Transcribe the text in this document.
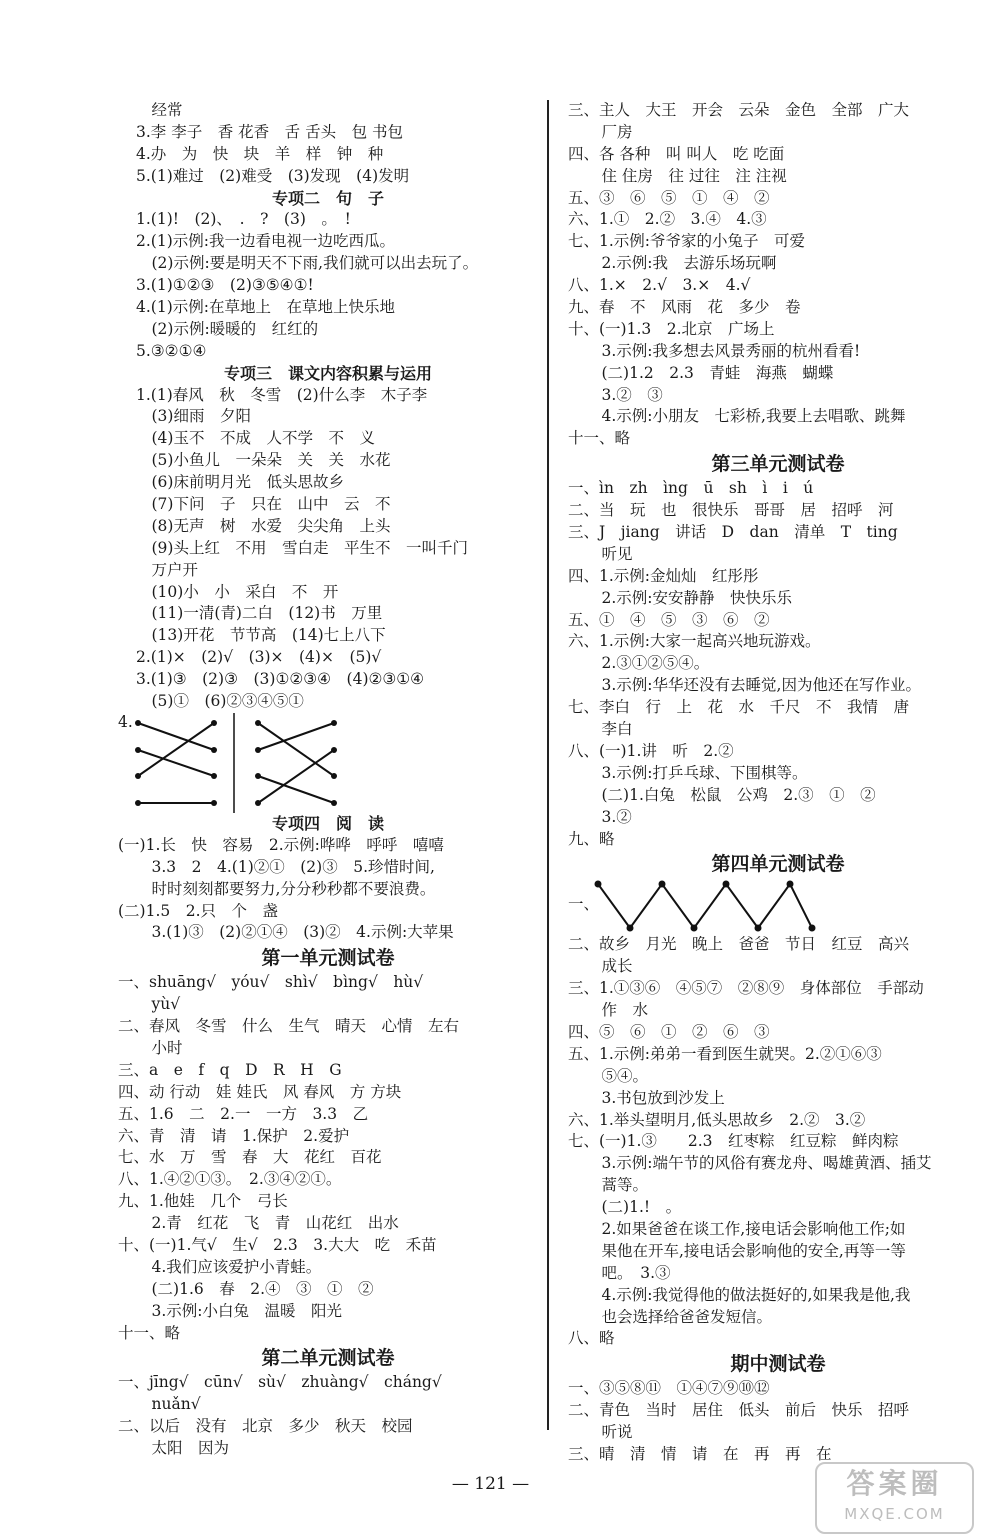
　经常
3.李 李子　香 花香　舌 舌头　包 书包
4.办　为　快　块　羊　样　钟　种
5.(1)难过　(2)难受　(3)发现　(4)发明
专项二　句　子
1.(1)!　(2)、　.　?　(3)　。　!
2.(1)示例:我一边看电视一边吃西瓜。
　(2)示例:要是明天不下雨,我们就可以出去玩了。
3.(1)①②③　(2)③⑤④①!
4.(1)示例:在草地上　在草地上快乐地
　(2)示例:暖暖的　红红的
5.③②①④
专项三　课文内容积累与运用
1.(1)春风　秋　冬雪　(2)什么李　木子李
　(3)细雨　夕阳
　(4)玉不　不成　人不学　不　义
　(5)小鱼儿　一朵朵　关　关　水花
　(6)床前明月光　低头思故乡
　(7)下问　子　只在　山中　云　不
　(8)无声　树　水爱　尖尖角　上头
　(9)头上红　不用　雪白走　平生不　一叫千门
　万户开
　(10)小　小　采白　不　开
　(11)一清(青)二白　(12)书　万里
　(13)开花　节节高　(14)七上八下
2.(1)×　(2)√　(3)×　(4)×　(5)√
3.(1)③　(2)③　(3)①②③④　(4)②③①④
　(5)①　(6)②③④⑤①
4.
专项四　阅　读
(一)1.长　快　容易　2.示例:哗哗　呼呼　嘻嘻
　3.3　2　4.(1)②①　(2)③　5.珍惜时间,
　时时刻刻都要努力,分分秒秒都不要浪费。
(二)1.5　2.只　个　盏
　3.(1)③　(2)②①④　(3)②　4.示例:大苹果
第一单元测试卷
一、shuāng√　yóu√　shì√　bìng√　hù√
　yù√
二、春风　冬雪　什么　生气　晴天　心情　左右
　小时
三、a　e　f　q　D　R　H　G
四、动 行动　娃 娃氏　风 春风　方 方块
五、1.6　二　2.一　一方　3.3　乙
六、青　清　请　1.保护　2.爱护
七、水　万　雪　春　大　花红　百花
八、1.④②①③。　2.③④②①。
九、1.他娃　几个　弓长
　2.青　红花　飞　青　山花红　出水
十、(一)1.气√　生√　2.3　3.大大　吃　禾苗
　4.我们应该爱护小青蛙。
　(二)1.6　春　2.④　③　①　②
　3.示例:小白兔　温暖　阳光
十一、略
第二单元测试卷
一、jīng√　cūn√　sù√　zhuàng√　cháng√
　nuǎn√
二、以后　没有　北京　多少　秋天　校园
　太阳　因为
三、主人　大王　开会　云朵　金色　全部　广大
　厂房
四、各 各种　叫 叫人　吃 吃面
　住 住房　往 过往　注 注视
五、③　⑥　⑤　①　④　②
六、1.①　2.②　3.④　4.③
七、1.示例:爷爷家的小兔子　可爱
　2.示例:我　去游乐场玩啊
八、1.×　2.√　3.×　4.√
九、春　不　风雨　花　多少　卷
十、(一)1.3　2.北京　广场上
　3.示例:我多想去风景秀丽的杭州看看!
　(二)1.2　2.3　青蛙　海燕　蝴蝶
　3.②　③
　4.示例:小朋友　七彩桥,我要上去唱歌、跳舞
十一、略
第三单元测试卷
一、ìn　zh　ìng　ū　sh　ì　i　ú
二、当　玩　也　很快乐　哥哥　居　招呼　河
三、J　jiang　讲话　D　dan　清单　T　ting
　听见
四、1.示例:金灿灿　红彤彤
　2.示例:安安静静　快快乐乐
五、①　④　⑤　③　⑥　②
六、1.示例:大家一起高兴地玩游戏。
　2.③①②⑤④。
　3.示例:华华还没有去睡觉,因为他还在写作业。
七、李白　行　上　花　水　千尺　不　我情　唐
　李白
八、(一)1.讲　听　2.②
　3.示例:打乒乓球、下围棋等。
　(二)1.白兔　松鼠　公鸡　2.③　①　②
　3.②
九、略
第四单元测试卷
一、
二、故乡　月光　晚上　爸爸　节日　红豆　高兴
　成长
三、1.①③⑥　④⑤⑦　②⑧⑨　身体部位　手部动
　作　水
四、⑤　⑥　①　②　⑥　③
五、1.示例:弟弟一看到医生就哭。2.②①⑥③
　⑤④。
　3.书包放到沙发上
六、1.举头望明月,低头思故乡　2.②　3.②
七、(一)1.③　　2.3　红枣粽　红豆粽　鲜肉粽
　3.示例:端午节的风俗有赛龙舟、喝雄黄酒、插艾
　蒿等。
　(二)1.!　。
　2.如果爸爸在谈工作,接电话会影响他工作;如
　果他在开车,接电话会影响他的安全,再等一等
　吧。　3.③
　4.示例:我觉得他的做法挺好的,如果我是他,我
　也会选择给爸爸发短信。
八、略
期中测试卷
一、③⑤⑧⑪　①④⑦⑨⑩⑫
二、青色　当时　居住　低头　前后　快乐　招呼
　听说
三、晴　清　情　请　在　再　再　在
— 121 —	答案圈
MXQE.COM
